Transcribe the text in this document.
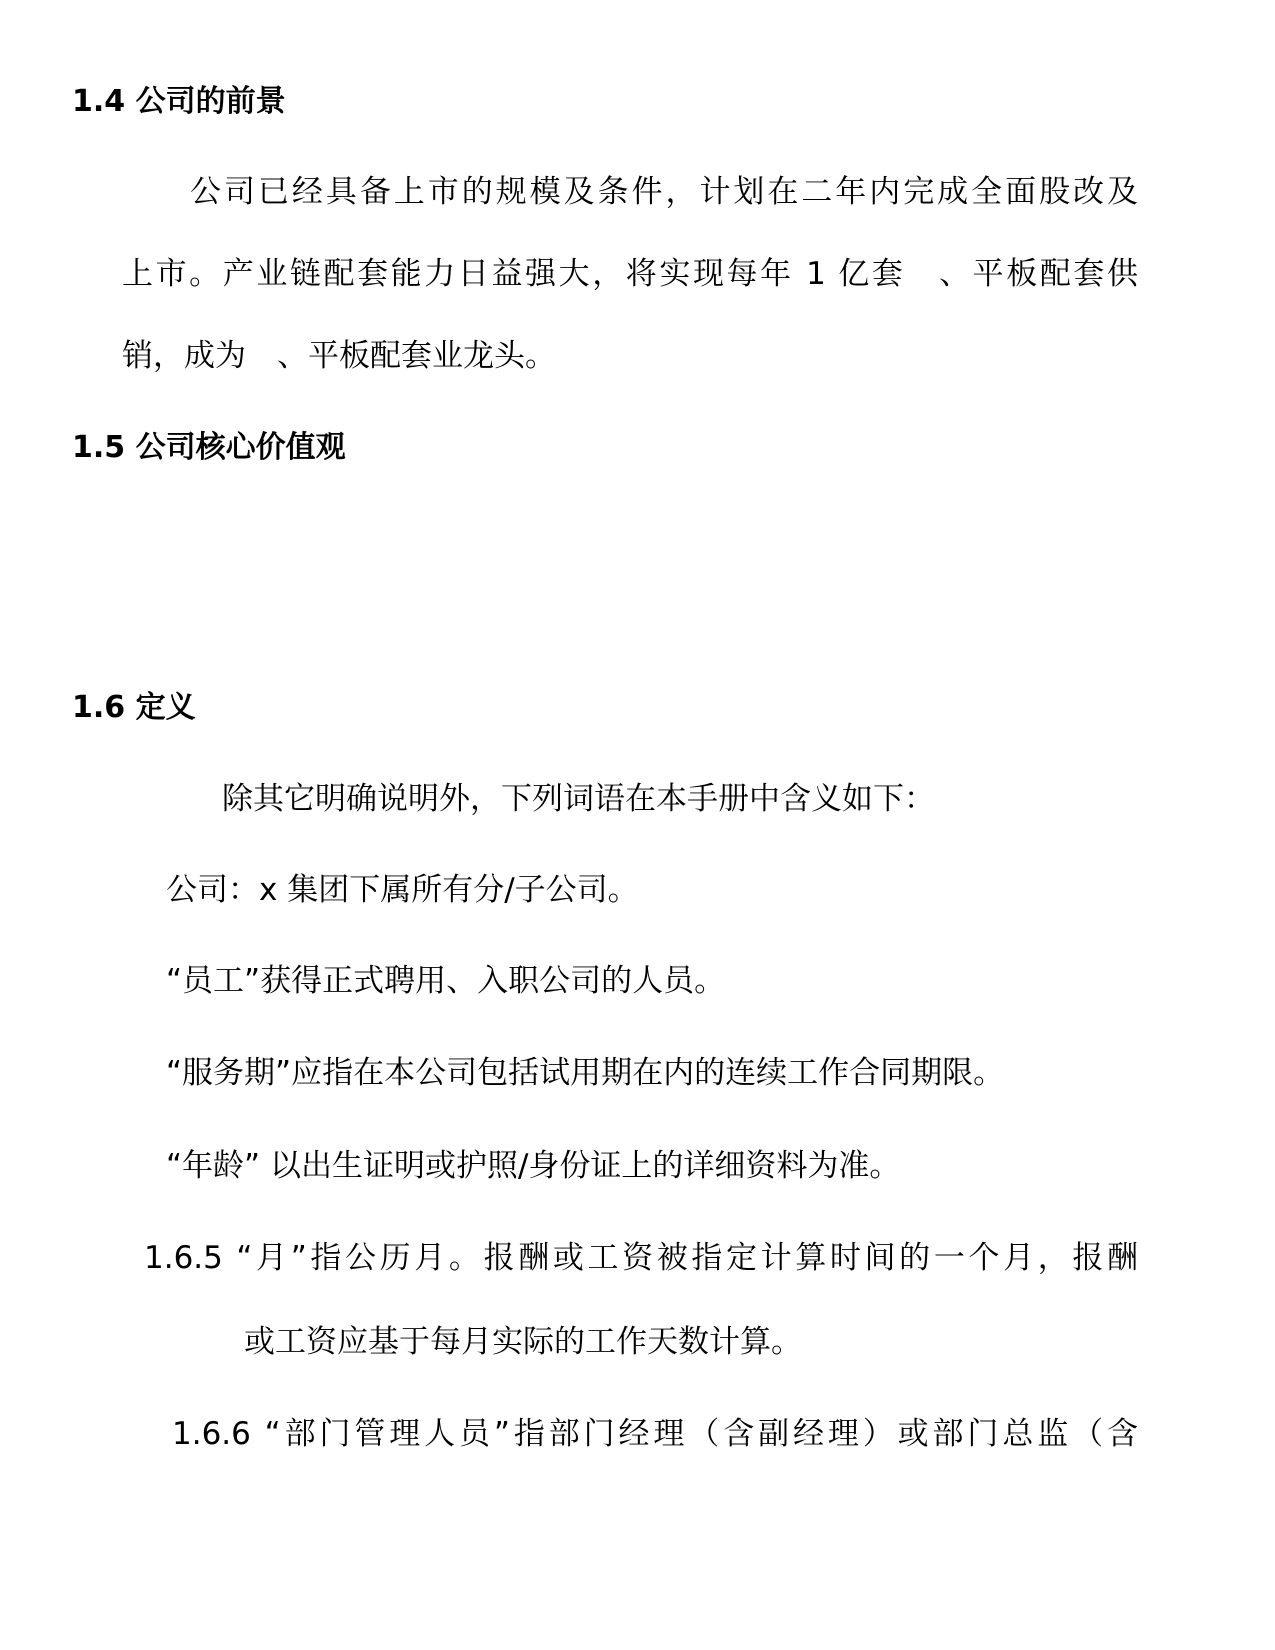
1.4 公司的前景

公司已经具备上市的规模及条件，计划在二年内完成全面股改及

上市。产业链配套能力日益强大，将实现每年 1 亿套　、平板配套供

销，成为　、平板配套业龙头。

1.5 公司核心价值观
1.6 定义

除其它明确说明外，下列词语在本手册中含义如下：

公司：x 集团下属所有分/子公司。

“员工”获得正式聘用、入职公司的人员。

“服务期”应指在本公司包括试用期在内的连续工作合同期限。

“年龄” 以出生证明或护照/身份证上的详细资料为准。

1.6.5 “月”指公历月。报酬或工资被指定计算时间的一个月，报酬

或工资应基于每月实际的工作天数计算。

1.6.6 “部门管理人员”指部门经理（含副经理）或部门总监（含
